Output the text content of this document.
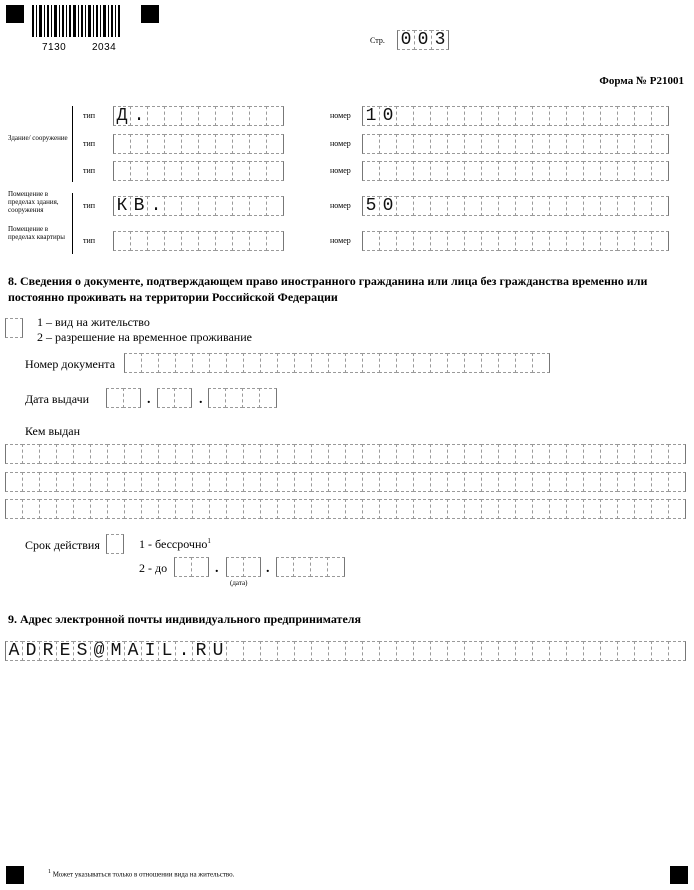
7130	2034
Стр. 0 0 3
Форма № Р21001
Здание/ сооружение
Помещение в пределах здания, сооружения
Помещение в пределах квартиры
тип Д .	номер 1 0
тип	номер
тип	номер
тип К В .	номер 5 0
тип	номер
8. Сведения о документе, подтверждающем право иностранного гражданина или лица без гражданства временно или постоянно проживать на территории Российской Федерации
1 – вид на жительство
2 – разрешение на временное проживание
Номер документа
Дата выдачи	.	.
Кем выдан
Срок действия	1 - бессрочно$^1$
2 - до	.	.
(дата)
9. Адрес электронной почты индивидуального предпринимателя
A D R E S @ M A I L . R U
$^1$ Может указываться только в отношении вида на жительство.
